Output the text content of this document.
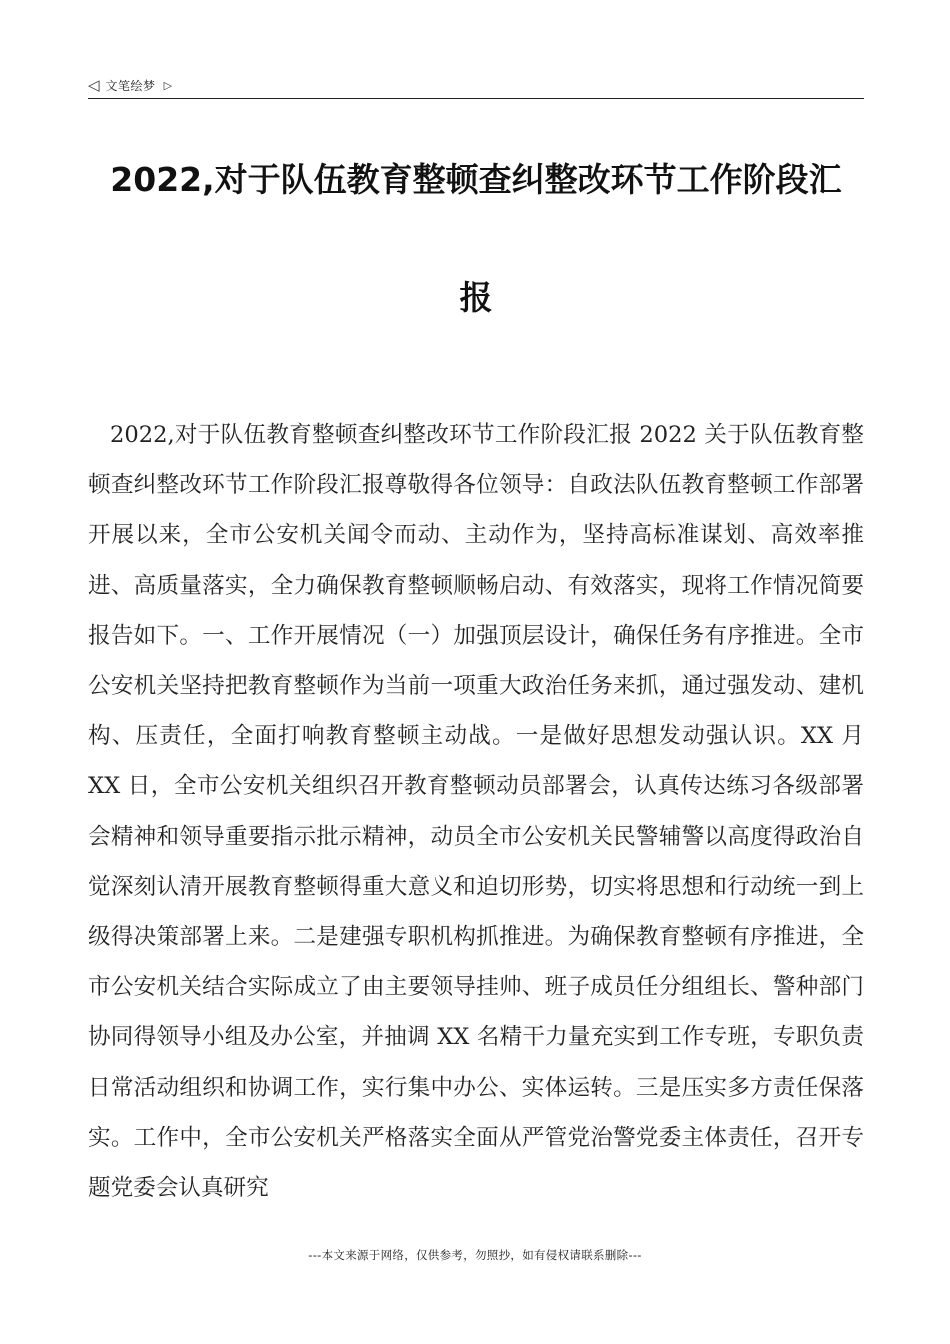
◁ 文笔绘梦 ▷
2022,对于队伍教育整顿查纠整改环节工作阶段汇
报

2022,对于队伍教育整顿查纠整改环节工作阶段汇报 2022 关于队伍教育整顿查纠整改环节工作阶段汇报尊敬得各位领导：自政法队伍教育整顿工作部署开展以来，全市公安机关闻令而动、主动作为，坚持高标准谋划、高效率推进、高质量落实，全力确保教育整顿顺畅启动、有效落实，现将工作情况简要报告如下。一、工作开展情况（一）加强顶层设计，确保任务有序推进。全市公安机关坚持把教育整顿作为当前一项重大政治任务来抓，通过强发动、建机构、压责任，全面打响教育整顿主动战。一是做好思想发动强认识。XX 月 XX 日，全市公安机关组织召开教育整顿动员部署会，认真传达练习各级部署会精神和领导重要指示批示精神，动员全市公安机关民警辅警以高度得政治自觉深刻认清开展教育整顿得重大意义和迫切形势，切实将思想和行动统一到上级得决策部署上来。二是建强专职机构抓推进。为确保教育整顿有序推进，全市公安机关结合实际成立了由主要领导挂帅、班子成员任分组组长、警种部门协同得领导小组及办公室，并抽调 XX 名精干力量充实到工作专班，专职负责日常活动组织和协调工作，实行集中办公、实体运转。三是压实多方责任保落实。工作中，全市公安机关严格落实全面从严管党治警党委主体责任，召开专题党委会认真研究

---本文来源于网络，仅供参考，勿照抄，如有侵权请联系删除---
